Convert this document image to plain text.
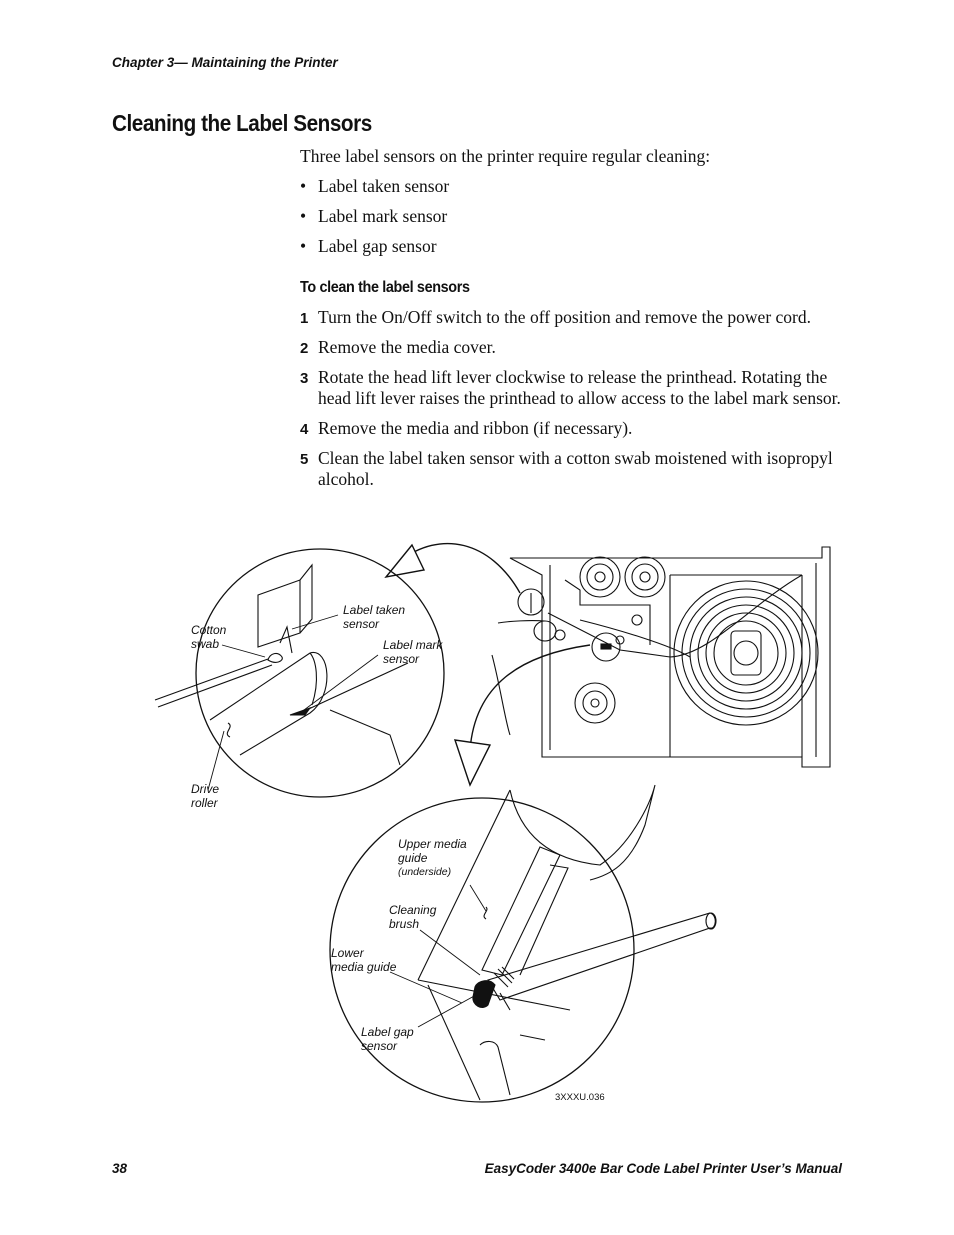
Chapter 3— Maintaining the Printer
Cleaning the Label Sensors

Three label sensors on the printer require regular cleaning:

• Label taken sensor
• Label mark sensor
• Label gap sensor
To clean the label sensors
1 Turn the On/Off switch to the off position and remove the power cord.
2 Remove the media cover.
3 Rotate the head lift lever clockwise to release the printhead. Rotating the head lift lever raises the printhead to allow access to the label mark sensor.
4 Remove the media and ribbon (if necessary).
5 Clean the label taken sensor with a cotton swab moistened with isopropyl alcohol.
Cotton
swab
Label taken
sensor
Label mark
sensor
Drive
roller
Upper media
guide
(underside)
Cleaning
brush
Lower
media guide
Label gap
sensor
3XXXU.036
38	EasyCoder 3400e Bar Code Label Printer User’s Manual
